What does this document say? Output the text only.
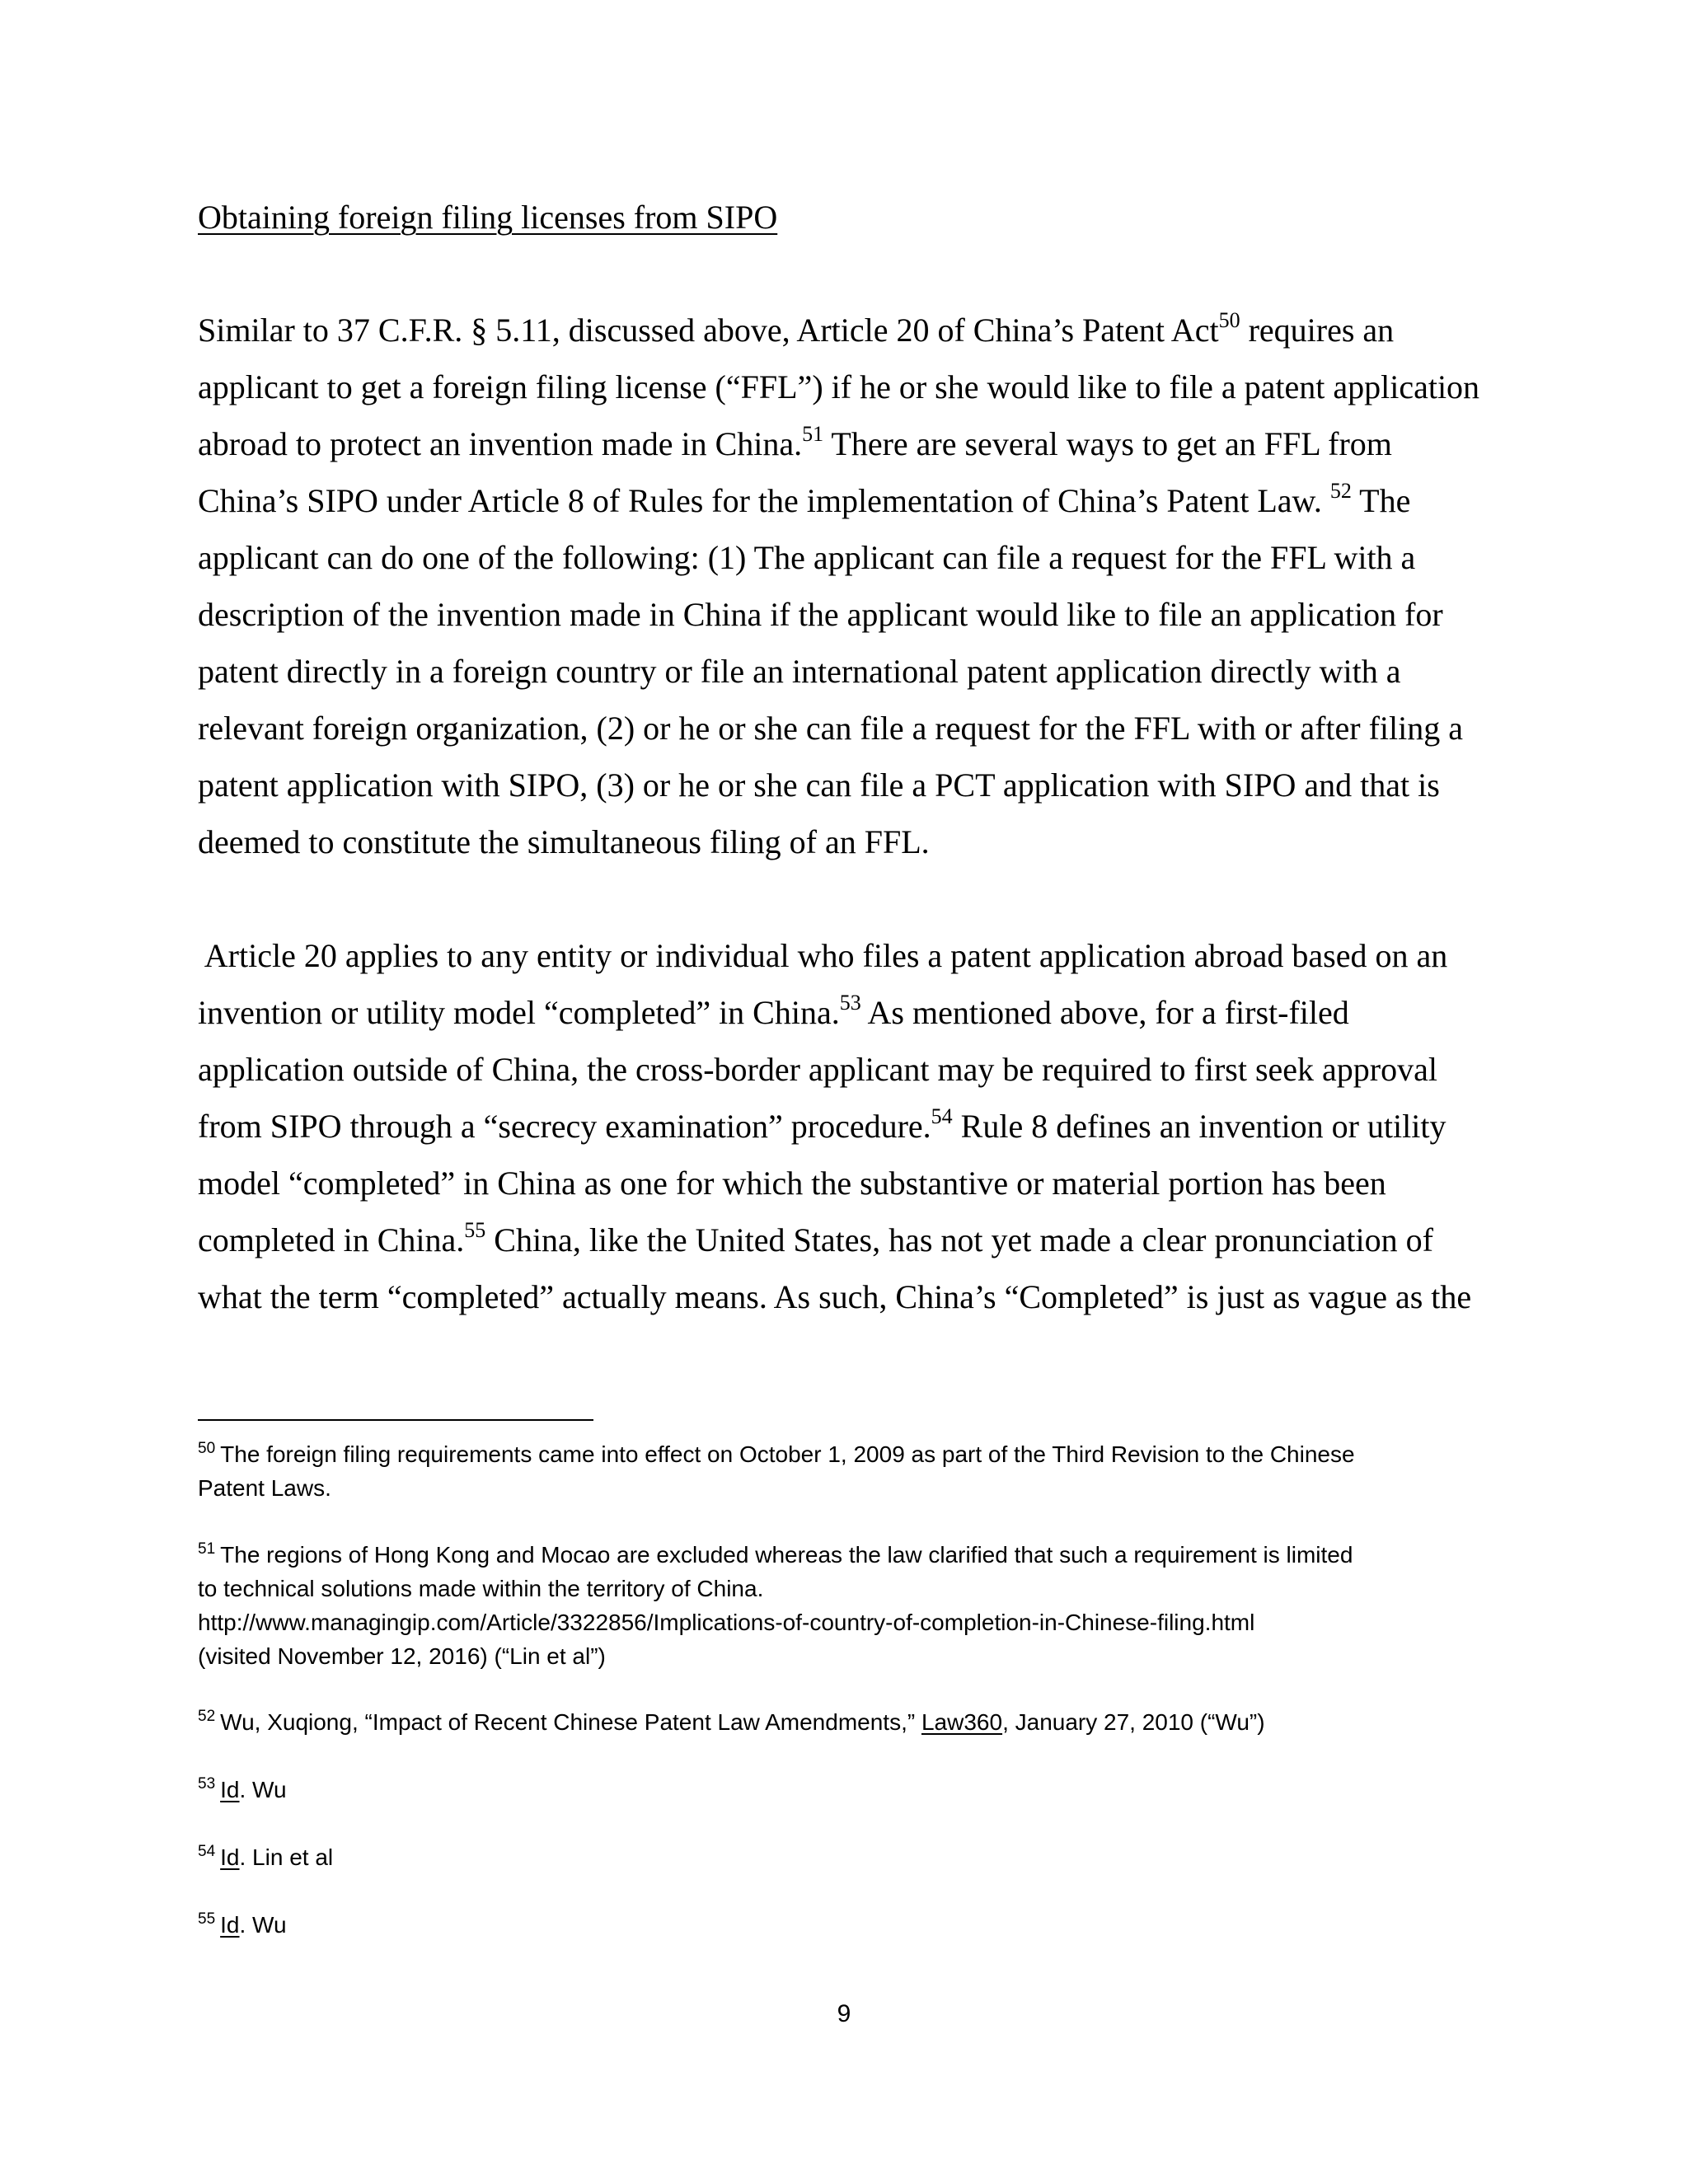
Obtaining foreign filing licenses from SIPO
Similar to 37 C.F.R. § 5.11, discussed above, Article 20 of China’s Patent Act$^{50}$ requires an
applicant to get a foreign filing license (“FFL”) if he or she would like to file a patent application
abroad to protect an invention made in China.$^{51}$ There are several ways to get an FFL from
China’s SIPO under Article 8 of Rules for the implementation of China’s Patent Law. $^{52}$ The
applicant can do one of the following: (1) The applicant can file a request for the FFL with a
description of the invention made in China if the applicant would like to file an application for
patent directly in a foreign country or file an international patent application directly with a
relevant foreign organization, (2) or he or she can file a request for the FFL with or after filing a
patent application with SIPO, (3) or he or she can file a PCT application with SIPO and that is
deemed to constitute the simultaneous filing of an FFL.
Article 20 applies to any entity or individual who files a patent application abroad based on an
invention or utility model “completed” in China.$^{53}$ As mentioned above, for a first-filed
application outside of China, the cross-border applicant may be required to first seek approval
from SIPO through a “secrecy examination” procedure.$^{54}$ Rule 8 defines an invention or utility
model “completed” in China as one for which the substantive or material portion has been
completed in China.$^{55}$ China, like the United States, has not yet made a clear pronunciation of
what the term “completed” actually means. As such, China’s “Completed” is just as vague as the
$^{50}$ The foreign filing requirements came into effect on October 1, 2009 as part of the Third Revision to the Chinese
Patent Laws.
$^{51}$ The regions of Hong Kong and Mocao are excluded whereas the law clarified that such a requirement is limited
to technical solutions made within the territory of China.
http://www.managingip.com/Article/3322856/Implications-of-country-of-completion-in-Chinese-filing.html
(visited November 12, 2016) (“Lin et al”)
$^{52}$ Wu, Xuqiong, “Impact of Recent Chinese Patent Law Amendments,” Law360, January 27, 2010 (“Wu”)
$^{53}$ Id. Wu
$^{54}$ Id. Lin et al
$^{55}$ Id. Wu
9
